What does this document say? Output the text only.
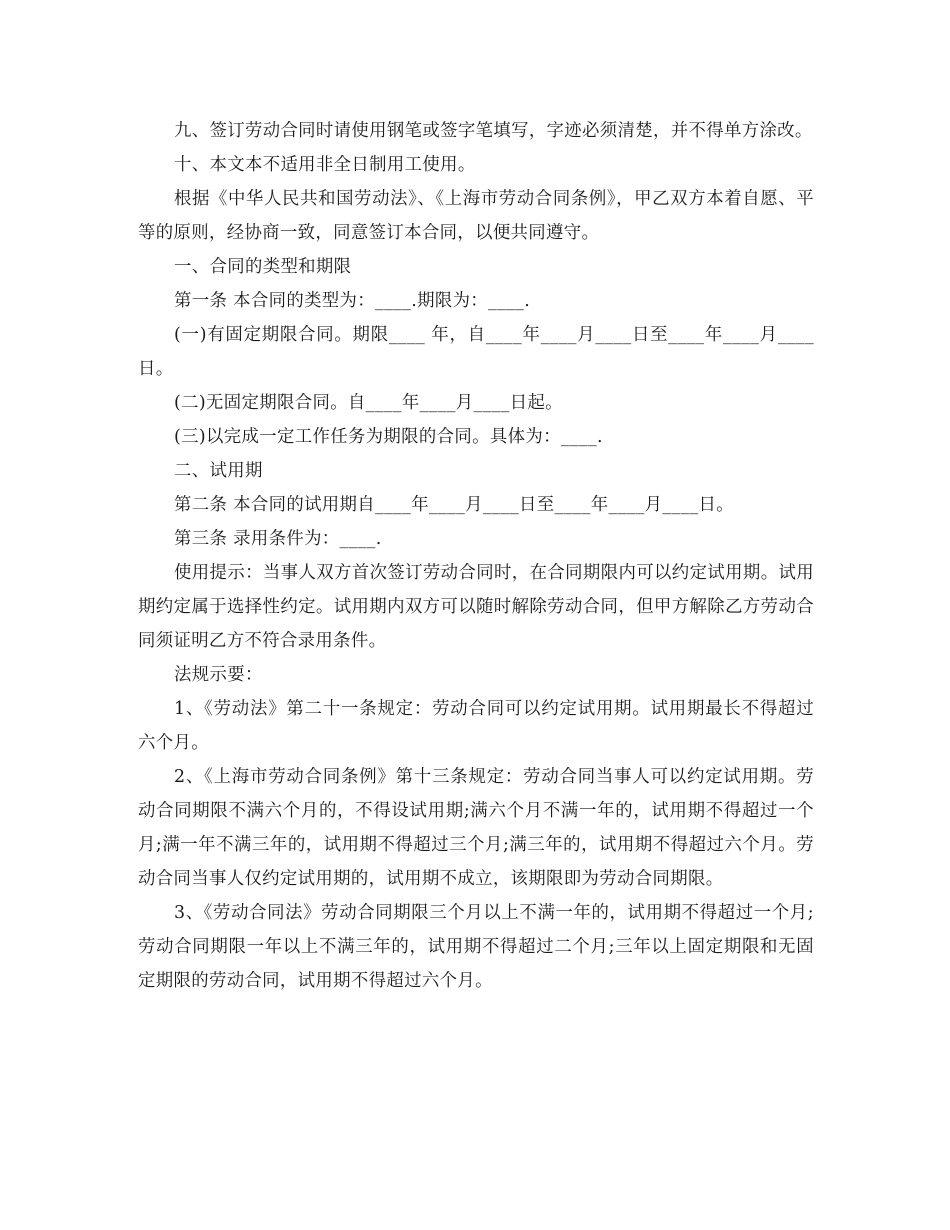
九、签订劳动合同时请使用钢笔或签字笔填写，字迹必须清楚，并不得单方涂改。

十、本文本不适用非全日制用工使用。

根据《中华人民共和国劳动法》、《上海市劳动合同条例》，甲乙双方本着自愿、平等的原则，经协商一致，同意签订本合同，以便共同遵守。

一、合同的类型和期限

第一条 本合同的类型为：____.期限为：____.

(一)有固定期限合同。期限____ 年，自____年____月____日至____年____月____日。

(二)无固定期限合同。自____年____月____日起。

(三)以完成一定工作任务为期限的合同。具体为：____.

二、试用期

第二条 本合同的试用期自____年____月____日至____年____月____日。

第三条 录用条件为：____.

使用提示：当事人双方首次签订劳动合同时，在合同期限内可以约定试用期。试用期约定属于选择性约定。试用期内双方可以随时解除劳动合同，但甲方解除乙方劳动合同须证明乙方不符合录用条件。

法规示要：

1、《劳动法》第二十一条规定：劳动合同可以约定试用期。试用期最长不得超过六个月。

2、《上海市劳动合同条例》第十三条规定：劳动合同当事人可以约定试用期。劳动合同期限不满六个月的，不得设试用期;满六个月不满一年的，试用期不得超过一个月;满一年不满三年的，试用期不得超过三个月;满三年的，试用期不得超过六个月。劳动合同当事人仅约定试用期的，试用期不成立，该期限即为劳动合同期限。

3、《劳动合同法》劳动合同期限三个月以上不满一年的，试用期不得超过一个月;劳动合同期限一年以上不满三年的，试用期不得超过二个月;三年以上固定期限和无固定期限的劳动合同，试用期不得超过六个月。
